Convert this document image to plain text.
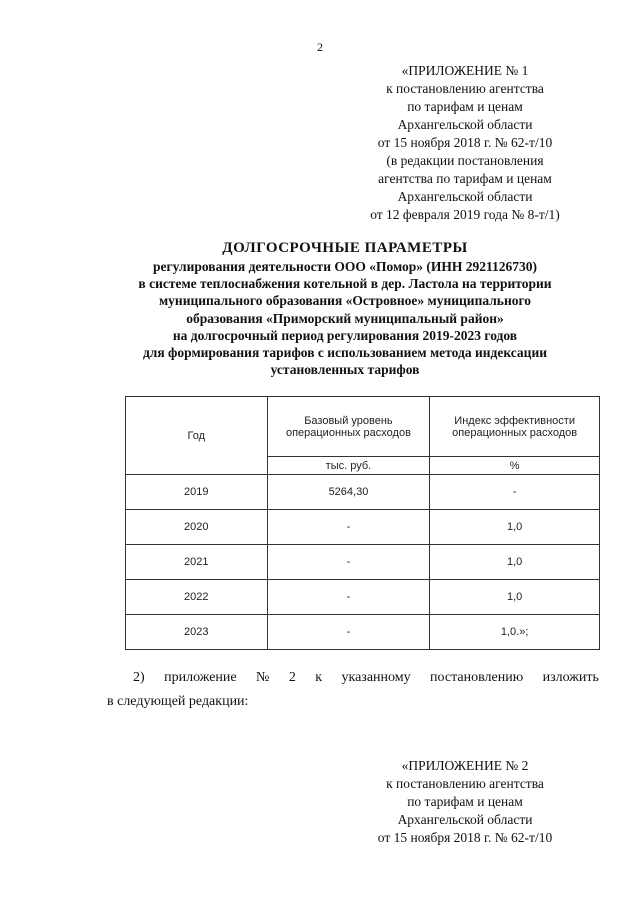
2
«ПРИЛОЖЕНИЕ № 1
к постановлению агентства
по тарифам и ценам
Архангельской области
от 15 ноября 2018 г. № 62-т/10
(в редакции постановления
агентства по тарифам и ценам
Архангельской области
от 12 февраля 2019 года № 8-т/1)
ДОЛГОСРОЧНЫЕ ПАРАМЕТРЫ
регулирования деятельности ООО «Помор» (ИНН 2921126730)
в системе теплоснабжения котельной в дер. Ластола на территории
муниципального образования «Островное» муниципального
образования «Приморский муниципальный район»
на долгосрочный период регулирования 2019-2023 годов
для формирования тарифов с использованием метода индексации
установленных тарифов
Год	Базовый уровень операционных расходов	Индекс эффективности операционных расходов
	тыс. руб.	%
2019	5264,30	-
2020	-	1,0
2021	-	1,0
2022	-	1,0
2023	-	1,0.»;
2) приложение № 2 к указанному постановлению изложить
в следующей редакции:
«ПРИЛОЖЕНИЕ № 2
к постановлению агентства
по тарифам и ценам
Архангельской области
от 15 ноября 2018 г. № 62-т/10
